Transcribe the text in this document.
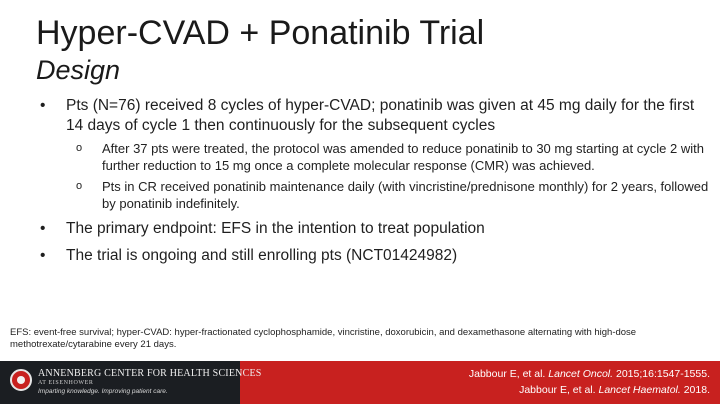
Hyper-CVAD + Ponatinib Trial
Design
• Pts (N=76) received 8 cycles of hyper-CVAD; ponatinib was given at 45 mg daily for the first 14 days of cycle 1 then continuously for the subsequent cycles
o After 37 pts were treated, the protocol was amended to reduce ponatinib to 30 mg starting at cycle 2 with further reduction to 15 mg once a complete molecular response (CMR) was achieved.
o Pts in CR received ponatinib maintenance daily (with vincristine/prednisone monthly) for 2 years, followed by ponatinib indefinitely.
• The primary endpoint: EFS in the intention to treat population
• The trial is ongoing and still enrolling pts (NCT01424982)
EFS: event-free survival; hyper-CVAD: hyper-fractionated cyclophosphamide, vincristine, doxorubicin, and dexamethasone alternating with high-dose methotrexate/cytarabine every 21 days.
ANNENBERG CENTER FOR HEALTH SCIENCES
AT EISENHOWER
Imparting knowledge. Improving patient care.
Jabbour E, et al. Lancet Oncol. 2015;16:1547-1555.
Jabbour E, et al. Lancet Haematol. 2018.
